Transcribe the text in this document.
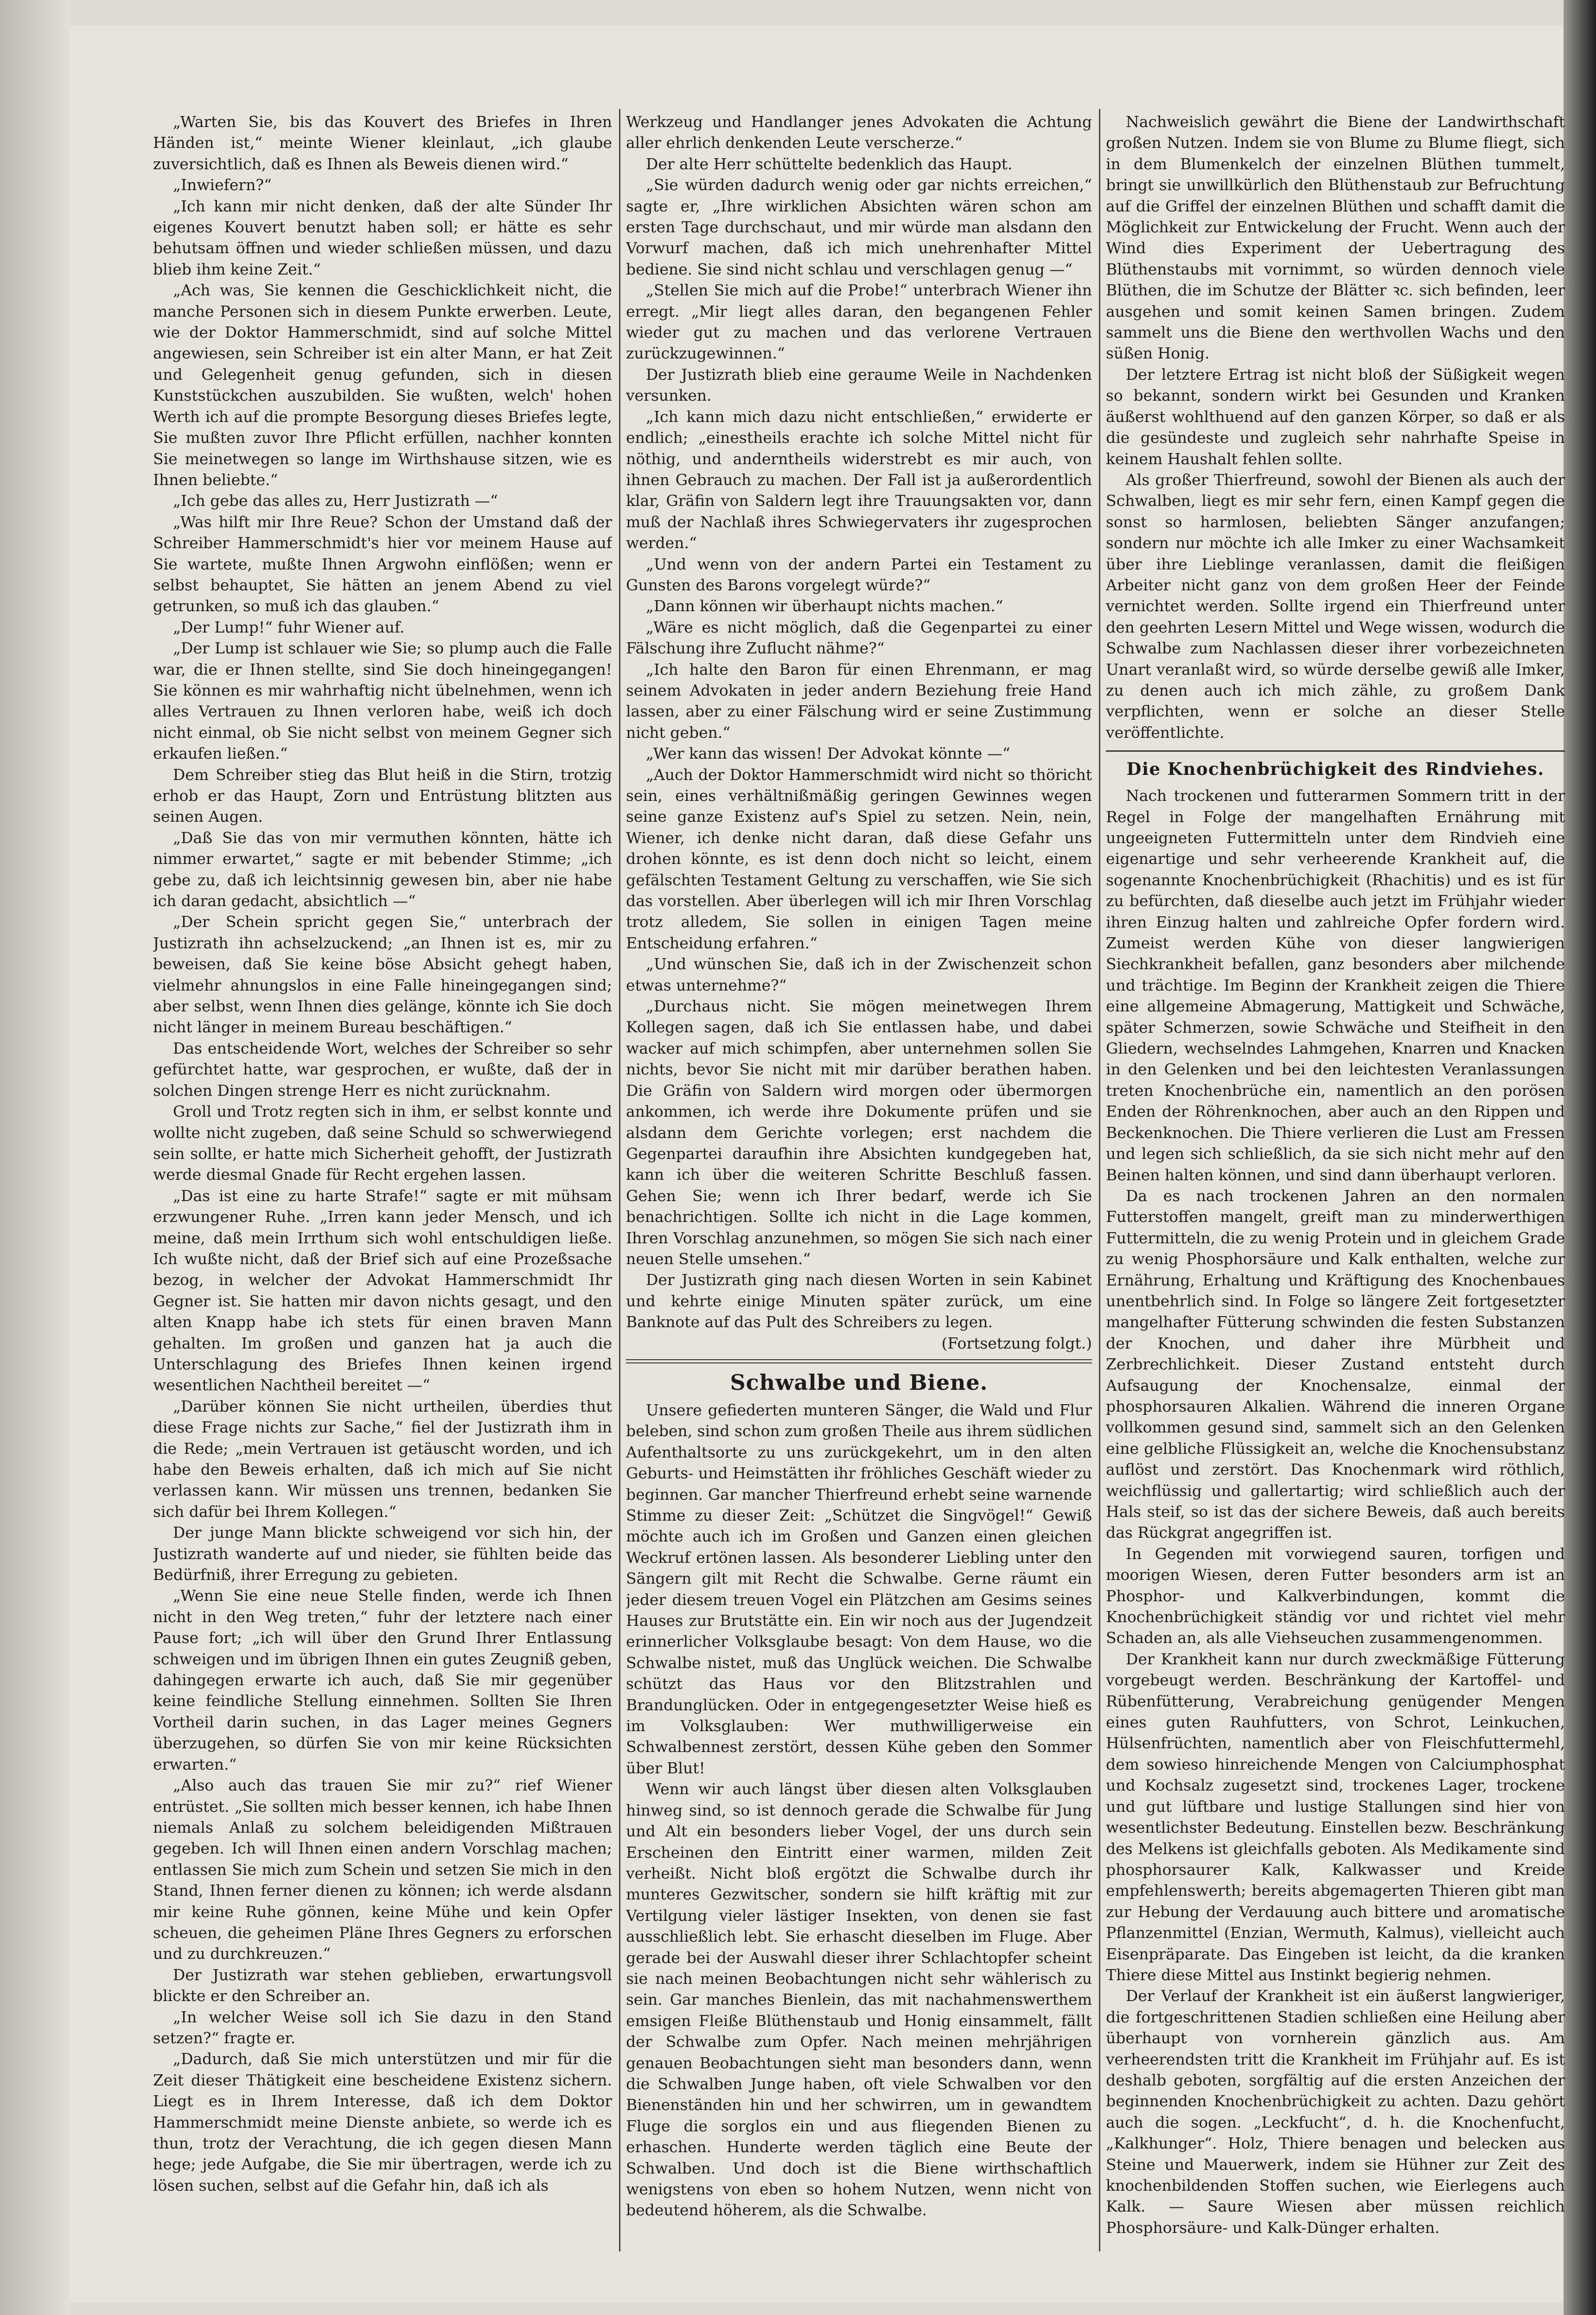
„Warten Sie, bis das Kouvert des Briefes in Ihren Händen ist,“ meinte Wiener kleinlaut, „ich glaube zuversichtlich, daß es Ihnen als Beweis dienen wird.“

„Inwiefern?“

„Ich kann mir nicht denken, daß der alte Sünder Ihr eigenes Kouvert benutzt haben soll; er hätte es sehr behutsam öffnen und wieder schließen müssen, und dazu blieb ihm keine Zeit.“

„Ach was, Sie kennen die Geschicklichkeit nicht, die manche Personen sich in diesem Punkte erwerben. Leute, wie der Doktor Hammerschmidt, sind auf solche Mittel angewiesen, sein Schreiber ist ein alter Mann, er hat Zeit und Gelegenheit genug gefunden, sich in diesen Kunststückchen auszubilden. Sie wußten, welch' hohen Werth ich auf die prompte Besorgung dieses Briefes legte, Sie mußten zuvor Ihre Pflicht erfüllen, nachher konnten Sie meinetwegen so lange im Wirthshause sitzen, wie es Ihnen beliebte.“

„Ich gebe das alles zu, Herr Justizrath —“

„Was hilft mir Ihre Reue? Schon der Umstand daß der Schreiber Hammerschmidt's hier vor meinem Hause auf Sie wartete, mußte Ihnen Argwohn einflößen; wenn er selbst behauptet, Sie hätten an jenem Abend zu viel getrunken, so muß ich das glauben.“

„Der Lump!“ fuhr Wiener auf.

„Der Lump ist schlauer wie Sie; so plump auch die Falle war, die er Ihnen stellte, sind Sie doch hineingegangen! Sie können es mir wahrhaftig nicht übelnehmen, wenn ich alles Vertrauen zu Ihnen verloren habe, weiß ich doch nicht einmal, ob Sie nicht selbst von meinem Gegner sich erkaufen ließen.“

Dem Schreiber stieg das Blut heiß in die Stirn, trotzig erhob er das Haupt, Zorn und Entrüstung blitzten aus seinen Augen.

„Daß Sie das von mir vermuthen könnten, hätte ich nimmer erwartet,“ sagte er mit bebender Stimme; „ich gebe zu, daß ich leichtsinnig gewesen bin, aber nie habe ich daran gedacht, absichtlich —“

„Der Schein spricht gegen Sie,“ unterbrach der Justizrath ihn achselzuckend; „an Ihnen ist es, mir zu beweisen, daß Sie keine böse Absicht gehegt haben, vielmehr ahnungslos in eine Falle hineingegangen sind; aber selbst, wenn Ihnen dies gelänge, könnte ich Sie doch nicht länger in meinem Bureau beschäftigen.“

Das entscheidende Wort, welches der Schreiber so sehr gefürchtet hatte, war gesprochen, er wußte, daß der in solchen Dingen strenge Herr es nicht zurücknahm.

Groll und Trotz regten sich in ihm, er selbst konnte und wollte nicht zugeben, daß seine Schuld so schwerwiegend sein sollte, er hatte mich Sicherheit gehofft, der Justizrath werde diesmal Gnade für Recht ergehen lassen.

„Das ist eine zu harte Strafe!“ sagte er mit mühsam erzwungener Ruhe. „Irren kann jeder Mensch, und ich meine, daß mein Irrthum sich wohl entschuldigen ließe. Ich wußte nicht, daß der Brief sich auf eine Prozeßsache bezog, in welcher der Advokat Hammerschmidt Ihr Gegner ist. Sie hatten mir davon nichts gesagt, und den alten Knapp habe ich stets für einen braven Mann gehalten. Im großen und ganzen hat ja auch die Unterschlagung des Briefes Ihnen keinen irgend wesentlichen Nachtheil bereitet —“

„Darüber können Sie nicht urtheilen, überdies thut diese Frage nichts zur Sache,“ fiel der Justizrath ihm in die Rede; „mein Vertrauen ist getäuscht worden, und ich habe den Beweis erhalten, daß ich mich auf Sie nicht verlassen kann. Wir müssen uns trennen, bedanken Sie sich dafür bei Ihrem Kollegen.“

Der junge Mann blickte schweigend vor sich hin, der Justizrath wanderte auf und nieder, sie fühlten beide das Bedürfniß, ihrer Erregung zu gebieten.

„Wenn Sie eine neue Stelle finden, werde ich Ihnen nicht in den Weg treten,“ fuhr der letztere nach einer Pause fort; „ich will über den Grund Ihrer Entlassung schweigen und im übrigen Ihnen ein gutes Zeugniß geben, dahingegen erwarte ich auch, daß Sie mir gegenüber keine feindliche Stellung einnehmen. Sollten Sie Ihren Vortheil darin suchen, in das Lager meines Gegners überzugehen, so dürfen Sie von mir keine Rücksichten erwarten.“

„Also auch das trauen Sie mir zu?“ rief Wiener entrüstet. „Sie sollten mich besser kennen, ich habe Ihnen niemals Anlaß zu solchem beleidigenden Mißtrauen gegeben. Ich will Ihnen einen andern Vorschlag machen; entlassen Sie mich zum Schein und setzen Sie mich in den Stand, Ihnen ferner dienen zu können; ich werde alsdann mir keine Ruhe gönnen, keine Mühe und kein Opfer scheuen, die geheimen Pläne Ihres Gegners zu erforschen und zu durchkreuzen.“

Der Justizrath war stehen geblieben, erwartungsvoll blickte er den Schreiber an.

„In welcher Weise soll ich Sie dazu in den Stand setzen?“ fragte er.

„Dadurch, daß Sie mich unterstützen und mir für die Zeit dieser Thätigkeit eine bescheidene Existenz sichern. Liegt es in Ihrem Interesse, daß ich dem Doktor Hammerschmidt meine Dienste anbiete, so werde ich es thun, trotz der Verachtung, die ich gegen diesen Mann hege; jede Aufgabe, die Sie mir übertragen, werde ich zu lösen suchen, selbst auf die Gefahr hin, daß ich als

Werkzeug und Handlanger jenes Advokaten die Achtung aller ehrlich denkenden Leute verscherze.“

Der alte Herr schüttelte bedenklich das Haupt.

„Sie würden dadurch wenig oder gar nichts erreichen,“ sagte er, „Ihre wirklichen Absichten wären schon am ersten Tage durchschaut, und mir würde man alsdann den Vorwurf machen, daß ich mich unehrenhafter Mittel bediene. Sie sind nicht schlau und verschlagen genug —“

„Stellen Sie mich auf die Probe!“ unterbrach Wiener ihn erregt. „Mir liegt alles daran, den begangenen Fehler wieder gut zu machen und das verlorene Vertrauen zurückzugewinnen.“

Der Justizrath blieb eine geraume Weile in Nachdenken versunken.

„Ich kann mich dazu nicht entschließen,“ erwiderte er endlich; „einestheils erachte ich solche Mittel nicht für nöthig, und anderntheils widerstrebt es mir auch, von ihnen Gebrauch zu machen. Der Fall ist ja außerordentlich klar, Gräfin von Saldern legt ihre Trauungsakten vor, dann muß der Nachlaß ihres Schwiegervaters ihr zugesprochen werden.“

„Und wenn von der andern Partei ein Testament zu Gunsten des Barons vorgelegt würde?“

„Dann können wir überhaupt nichts machen.“

„Wäre es nicht möglich, daß die Gegenpartei zu einer Fälschung ihre Zuflucht nähme?“

„Ich halte den Baron für einen Ehrenmann, er mag seinem Advokaten in jeder andern Beziehung freie Hand lassen, aber zu einer Fälschung wird er seine Zustimmung nicht geben.“

„Wer kann das wissen! Der Advokat könnte —“

„Auch der Doktor Hammerschmidt wird nicht so thöricht sein, eines verhältnißmäßig geringen Gewinnes wegen seine ganze Existenz auf's Spiel zu setzen. Nein, nein, Wiener, ich denke nicht daran, daß diese Gefahr uns drohen könnte, es ist denn doch nicht so leicht, einem gefälschten Testament Geltung zu verschaffen, wie Sie sich das vorstellen. Aber überlegen will ich mir Ihren Vorschlag trotz alledem, Sie sollen in einigen Tagen meine Entscheidung erfahren.“

„Und wünschen Sie, daß ich in der Zwischenzeit schon etwas unternehme?“

„Durchaus nicht. Sie mögen meinetwegen Ihrem Kollegen sagen, daß ich Sie entlassen habe, und dabei wacker auf mich schimpfen, aber unternehmen sollen Sie nichts, bevor Sie nicht mit mir darüber berathen haben. Die Gräfin von Saldern wird morgen oder übermorgen ankommen, ich werde ihre Dokumente prüfen und sie alsdann dem Gerichte vorlegen; erst nachdem die Gegenpartei daraufhin ihre Absichten kundgegeben hat, kann ich über die weiteren Schritte Beschluß fassen. Gehen Sie; wenn ich Ihrer bedarf, werde ich Sie benachrichtigen. Sollte ich nicht in die Lage kommen, Ihren Vorschlag anzunehmen, so mögen Sie sich nach einer neuen Stelle umsehen.“

Der Justizrath ging nach diesen Worten in sein Kabinet und kehrte einige Minuten später zurück, um eine Banknote auf das Pult des Schreibers zu legen.

(Fortsetzung folgt.)

Schwalbe und Biene.

Unsere gefiederten munteren Sänger, die Wald und Flur beleben, sind schon zum großen Theile aus ihrem südlichen Aufenthaltsorte zu uns zurückgekehrt, um in den alten Geburts- und Heimstätten ihr fröhliches Geschäft wieder zu beginnen. Gar mancher Thierfreund erhebt seine warnende Stimme zu dieser Zeit: „Schützet die Singvögel!“ Gewiß möchte auch ich im Großen und Ganzen einen gleichen Weckruf ertönen lassen. Als besonderer Liebling unter den Sängern gilt mit Recht die Schwalbe. Gerne räumt ein jeder diesem treuen Vogel ein Plätzchen am Gesims seines Hauses zur Brutstätte ein. Ein wir noch aus der Jugendzeit erinnerlicher Volksglaube besagt: Von dem Hause, wo die Schwalbe nistet, muß das Unglück weichen. Die Schwalbe schützt das Haus vor den Blitzstrahlen und Brandunglücken. Oder in entgegengesetzter Weise hieß es im Volksglauben: Wer muthwilligerweise ein Schwalbennest zerstört, dessen Kühe geben den Sommer über Blut!

Wenn wir auch längst über diesen alten Volksglauben hinweg sind, so ist dennoch gerade die Schwalbe für Jung und Alt ein besonders lieber Vogel, der uns durch sein Erscheinen den Eintritt einer warmen, milden Zeit verheißt. Nicht bloß ergötzt die Schwalbe durch ihr munteres Gezwitscher, sondern sie hilft kräftig mit zur Vertilgung vieler lästiger Insekten, von denen sie fast ausschließlich lebt. Sie erhascht dieselben im Fluge. Aber gerade bei der Auswahl dieser ihrer Schlachtopfer scheint sie nach meinen Beobachtungen nicht sehr wählerisch zu sein. Gar manches Bienlein, das mit nachahmenswerthem emsigen Fleiße Blüthenstaub und Honig einsammelt, fällt der Schwalbe zum Opfer. Nach meinen mehrjährigen genauen Beobachtungen sieht man besonders dann, wenn die Schwalben Junge haben, oft viele Schwalben vor den Bienenständen hin und her schwirren, um in gewandtem Fluge die sorglos ein und aus fliegenden Bienen zu erhaschen. Hunderte werden täglich eine Beute der Schwalben. Und doch ist die Biene wirthschaftlich wenigstens von eben so hohem Nutzen, wenn nicht von bedeutend höherem, als die Schwalbe.

Nachweislich gewährt die Biene der Landwirthschaft großen Nutzen. Indem sie von Blume zu Blume fliegt, sich in dem Blumenkelch der einzelnen Blüthen tummelt, bringt sie unwillkürlich den Blüthenstaub zur Befruchtung auf die Griffel der einzelnen Blüthen und schafft damit die Möglichkeit zur Entwickelung der Frucht. Wenn auch der Wind dies Experiment der Uebertragung des Blüthenstaubs mit vornimmt, so würden dennoch viele Blüthen, die im Schutze der Blätter ꝛc. sich befinden, leer ausgehen und somit keinen Samen bringen. Zudem sammelt uns die Biene den werthvollen Wachs und den süßen Honig.

Der letztere Ertrag ist nicht bloß der Süßigkeit wegen so bekannt, sondern wirkt bei Gesunden und Kranken äußerst wohlthuend auf den ganzen Körper, so daß er als die gesündeste und zugleich sehr nahrhafte Speise in keinem Haushalt fehlen sollte.

Als großer Thierfreund, sowohl der Bienen als auch der Schwalben, liegt es mir sehr fern, einen Kampf gegen die sonst so harmlosen, beliebten Sänger anzufangen; sondern nur möchte ich alle Imker zu einer Wachsamkeit über ihre Lieblinge veranlassen, damit die fleißigen Arbeiter nicht ganz von dem großen Heer der Feinde vernichtet werden. Sollte irgend ein Thierfreund unter den geehrten Lesern Mittel und Wege wissen, wodurch die Schwalbe zum Nachlassen dieser ihrer vorbezeichneten Unart veranlaßt wird, so würde derselbe gewiß alle Imker, zu denen auch ich mich zähle, zu großem Dank verpflichten, wenn er solche an dieser Stelle veröffentlichte.

Die Knochenbrüchigkeit des Rindviehes.

Nach trockenen und futterarmen Sommern tritt in der Regel in Folge der mangelhaften Ernährung mit ungeeigneten Futtermitteln unter dem Rindvieh eine eigenartige und sehr verheerende Krankheit auf, die sogenannte Knochenbrüchigkeit (Rhachitis) und es ist für zu befürchten, daß dieselbe auch jetzt im Frühjahr wieder ihren Einzug halten und zahlreiche Opfer fordern wird. Zumeist werden Kühe von dieser langwierigen Siechkrankheit befallen, ganz besonders aber milchende und trächtige. Im Beginn der Krankheit zeigen die Thiere eine allgemeine Abmagerung, Mattigkeit und Schwäche, später Schmerzen, sowie Schwäche und Steifheit in den Gliedern, wechselndes Lahmgehen, Knarren und Knacken in den Gelenken und bei den leichtesten Veranlassungen treten Knochenbrüche ein, namentlich an den porösen Enden der Röhrenknochen, aber auch an den Rippen und Beckenknochen. Die Thiere verlieren die Lust am Fressen und legen sich schließlich, da sie sich nicht mehr auf den Beinen halten können, und sind dann überhaupt verloren.

Da es nach trockenen Jahren an den normalen Futterstoffen mangelt, greift man zu minderwerthigen Futtermitteln, die zu wenig Protein und in gleichem Grade zu wenig Phosphorsäure und Kalk enthalten, welche zur Ernährung, Erhaltung und Kräftigung des Knochenbaues unentbehrlich sind. In Folge so längere Zeit fortgesetzter mangelhafter Fütterung schwinden die festen Substanzen der Knochen, und daher ihre Mürbheit und Zerbrechlichkeit. Dieser Zustand entsteht durch Aufsaugung der Knochensalze, einmal der phosphorsauren Alkalien. Während die inneren Organe vollkommen gesund sind, sammelt sich an den Gelenken eine gelbliche Flüssigkeit an, welche die Knochensubstanz auflöst und zerstört. Das Knochenmark wird röthlich, weichflüssig und gallertartig; wird schließlich auch der Hals steif, so ist das der sichere Beweis, daß auch bereits das Rückgrat angegriffen ist.

In Gegenden mit vorwiegend sauren, torfigen und moorigen Wiesen, deren Futter besonders arm ist an Phosphor- und Kalkverbindungen, kommt die Knochenbrüchigkeit ständig vor und richtet viel mehr Schaden an, als alle Viehseuchen zusammengenommen.

Der Krankheit kann nur durch zweckmäßige Fütterung vorgebeugt werden. Beschränkung der Kartoffel- und Rübenfütterung, Verabreichung genügender Mengen eines guten Rauhfutters, von Schrot, Leinkuchen, Hülsenfrüchten, namentlich aber von Fleischfuttermehl, dem sowieso hinreichende Mengen von Calciumphosphat und Kochsalz zugesetzt sind, trockenes Lager, trockene und gut lüftbare und lustige Stallungen sind hier von wesentlichster Bedeutung. Einstellen bezw. Beschränkung des Melkens ist gleichfalls geboten. Als Medikamente sind phosphorsaurer Kalk, Kalkwasser und Kreide empfehlenswerth; bereits abgemagerten Thieren gibt man zur Hebung der Verdauung auch bittere und aromatische Pflanzenmittel (Enzian, Wermuth, Kalmus), vielleicht auch Eisenpräparate. Das Eingeben ist leicht, da die kranken Thiere diese Mittel aus Instinkt begierig nehmen.

Der Verlauf der Krankheit ist ein äußerst langwieriger, die fortgeschrittenen Stadien schließen eine Heilung aber überhaupt von vornherein gänzlich aus. Am verheerendsten tritt die Krankheit im Frühjahr auf. Es ist deshalb geboten, sorgfältig auf die ersten Anzeichen der beginnenden Knochenbrüchigkeit zu achten. Dazu gehört auch die sogen. „Leckfucht“, d. h. die Knochenfucht, „Kalkhunger“. Holz, Thiere benagen und belecken aus Steine und Mauerwerk, indem sie Hühner zur Zeit des knochenbildenden Stoffen suchen, wie Eierlegens auch Kalk. — Saure Wiesen aber müssen reichlich Phosphorsäure- und Kalk-Dünger erhalten.
